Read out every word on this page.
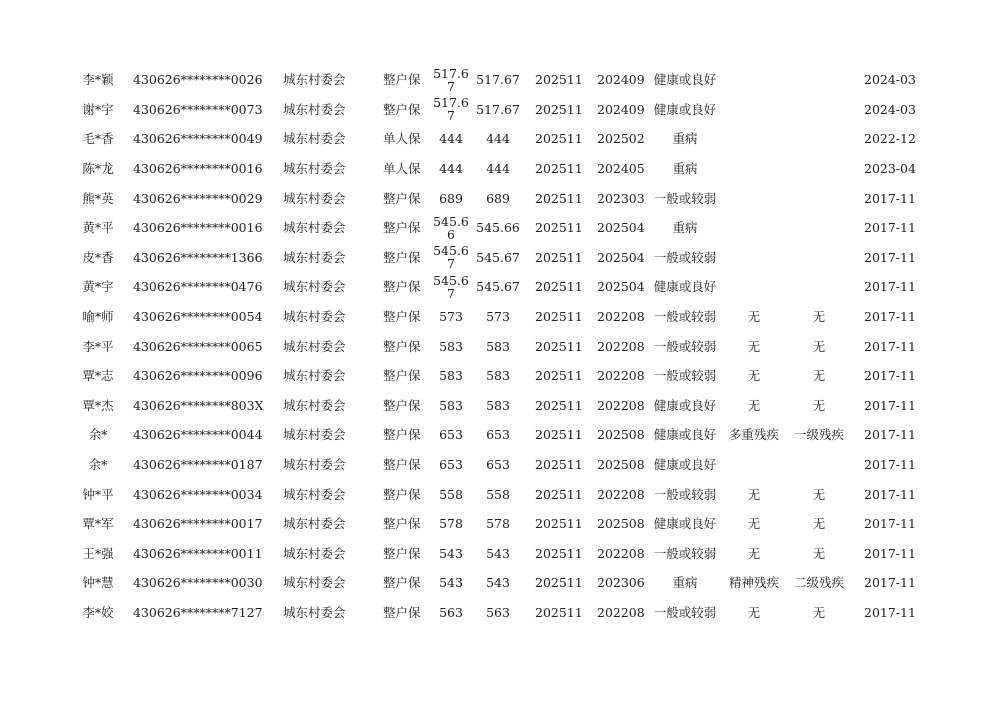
李*颖 430626********0026 城东村委会	整户保 517.67	517.67 202511 202409 健康或良好	2024-03
谢*宇 430626********0073 城东村委会	整户保 517.67	517.67 202511 202409 健康或良好	2024-03
毛*香 430626********0049 城东村委会	单人保	444	444 202511 202502 重病	2022-12
陈*龙 430626********0016 城东村委会	单人保	444	444 202511 202405 重病	2023-04
熊*英 430626********0029 城东村委会	整户保	689	689 202511 202303 一般或较弱	2017-11
黄*平 430626********0016 城东村委会	整户保 545.66	545.66 202511 202504 重病	2017-11
皮*香 430626********1366 城东村委会	整户保 545.67	545.67 202511 202504 一般或较弱	2017-11
黄*宇 430626********0476 城东村委会	整户保 545.67	545.67 202511 202504 健康或良好	2017-11
喻*师 430626********0054 城东村委会	整户保	573	573 202511 202208 一般或较弱	无	无	2017-11
李*平 430626********0065 城东村委会	整户保	583	583 202511 202208 一般或较弱	无	无	2017-11
覃*志 430626********0096 城东村委会	整户保	583	583 202511 202208 一般或较弱	无	无	2017-11
覃*杰 430626********803X 城东村委会	整户保	583	583 202511 202208 健康或良好	无	无	2017-11
余* 430626********0044 城东村委会	整户保	653	653 202511 202508 健康或良好 多重残疾 一级残疾 2017-11
余* 430626********0187 城东村委会	整户保	653	653 202511 202508 健康或良好	2017-11
钟*平 430626********0034 城东村委会	整户保	558	558 202511 202208 一般或较弱	无	无	2017-11
覃*军 430626********0017 城东村委会	整户保	578	578 202511 202508 健康或良好	无	无	2017-11
王*强 430626********0011 城东村委会	整户保	543	543 202511 202208 一般或较弱	无	无	2017-11
钟*慧 430626********0030 城东村委会	整户保	543	543 202511 202306 重病	精神残疾 二级残疾 2017-11
李*姣 430626********7127 城东村委会	整户保	563	563 202511 202208 一般或较弱	无	无	2017-11
